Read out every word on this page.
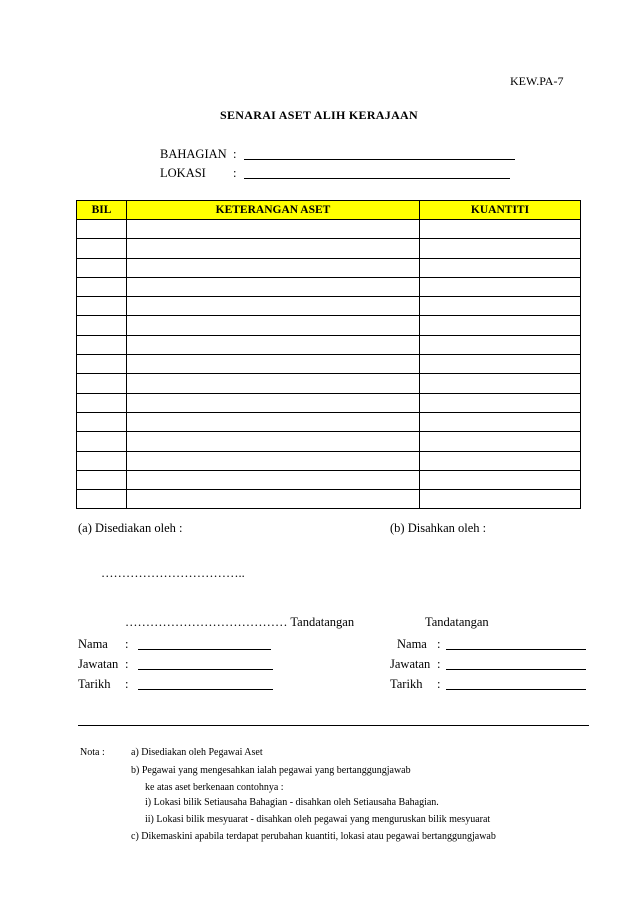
KEW.PA-7
SENARAI ASET ALIH KERAJAAN
BAHAGIAN :
LOKASI :
BIL	KETERANGAN ASET	KUANTITI

(a) Disediakan oleh :	(b) Disahkan oleh :
……………………………..
………………………………… Tandatangan	Tandatangan
Nama :
Jawatan :
Tarikh :
Nama :
Jawatan :
Tarikh :
Nota :	a) Disediakan oleh Pegawai Aset
b) Pegawai yang mengesahkan ialah pegawai yang bertanggungjawab
ke atas aset berkenaan contohnya :
i) Lokasi bilik Setiausaha Bahagian - disahkan oleh Setiausaha Bahagian.
ii) Lokasi bilik mesyuarat - disahkan oleh pegawai yang menguruskan bilik mesyuarat
c) Dikemaskini apabila terdapat perubahan kuantiti, lokasi atau pegawai bertanggungjawab
